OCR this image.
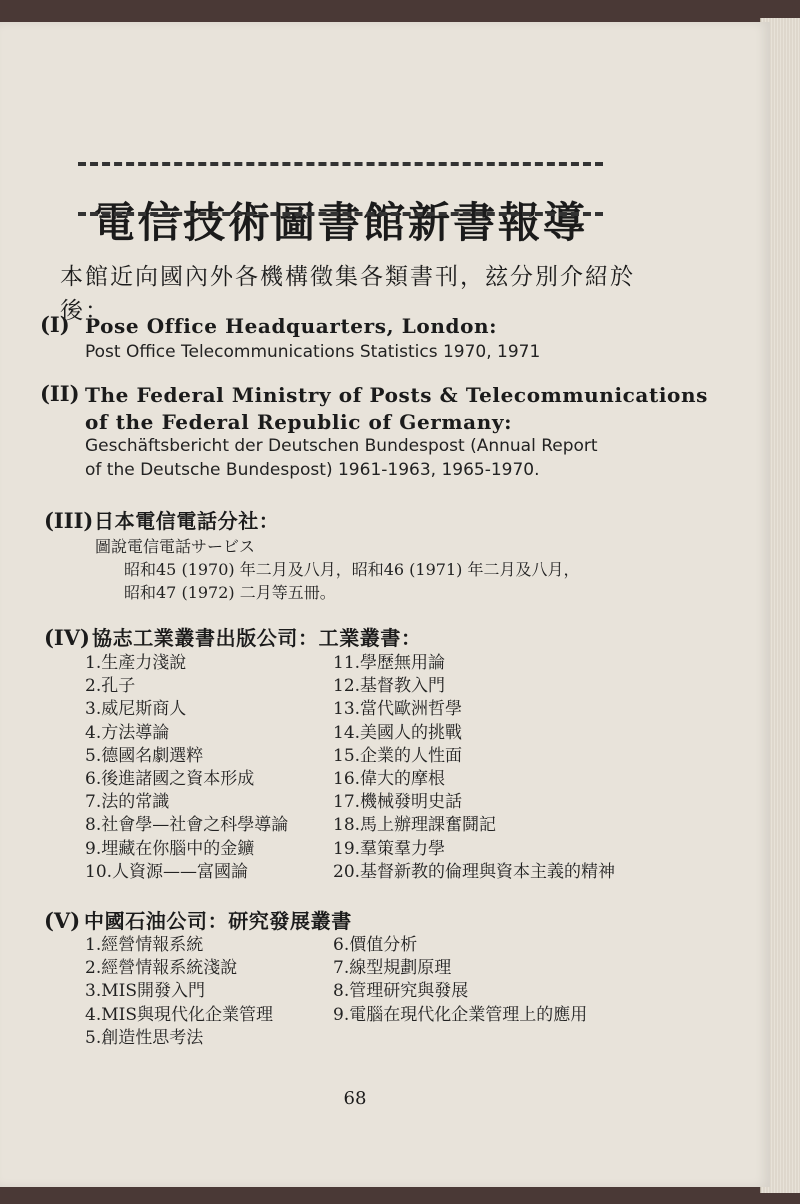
電信技術圖書館新書報導
本館近向國內外各機構徵集各類書刊，玆分別介紹於後：
(I) Pose Office Headquarters, London:
Post Office Telecommunications Statistics 1970, 1971
(II) The Federal Ministry of Posts & Telecommunications
of the Federal Republic of Germany:
Geschäftsbericht der Deutschen Bundespost (Annual Report
of the Deutsche Bundespost) 1961-1963, 1965-1970.
(III) 日本電信電話分社：
圖說電信電話サービス
昭和45 (1970) 年二月及八月，昭和46 (1971) 年二月及八月，
昭和47 (1972) 二月等五冊。
(IV) 協志工業叢書出版公司：工業叢書：
1.生產力淺說
2.孔子
3.威尼斯商人
4.方法導論
5.德國名劇選粹
6.後進諸國之資本形成
7.法的常識
8.社會學—社會之科學導論
9.埋藏在你腦中的金鑛
10.人資源——富國論
11.學歷無用論
12.基督教入門
13.當代歐洲哲學
14.美國人的挑戰
15.企業的人性面
16.偉大的摩根
17.機械發明史話
18.馬上辦理課奮鬪記
19.羣策羣力學
20.基督新教的倫理與資本主義的精神
(V) 中國石油公司：研究發展叢書
1.經營情報系統
2.經營情報系統淺說
3.MIS開發入門
4.MIS與現代化企業管理
5.創造性思考法
6.價值分析
7.線型規劃原理
8.管理研究與發展
9.電腦在現代化企業管理上的應用
68
